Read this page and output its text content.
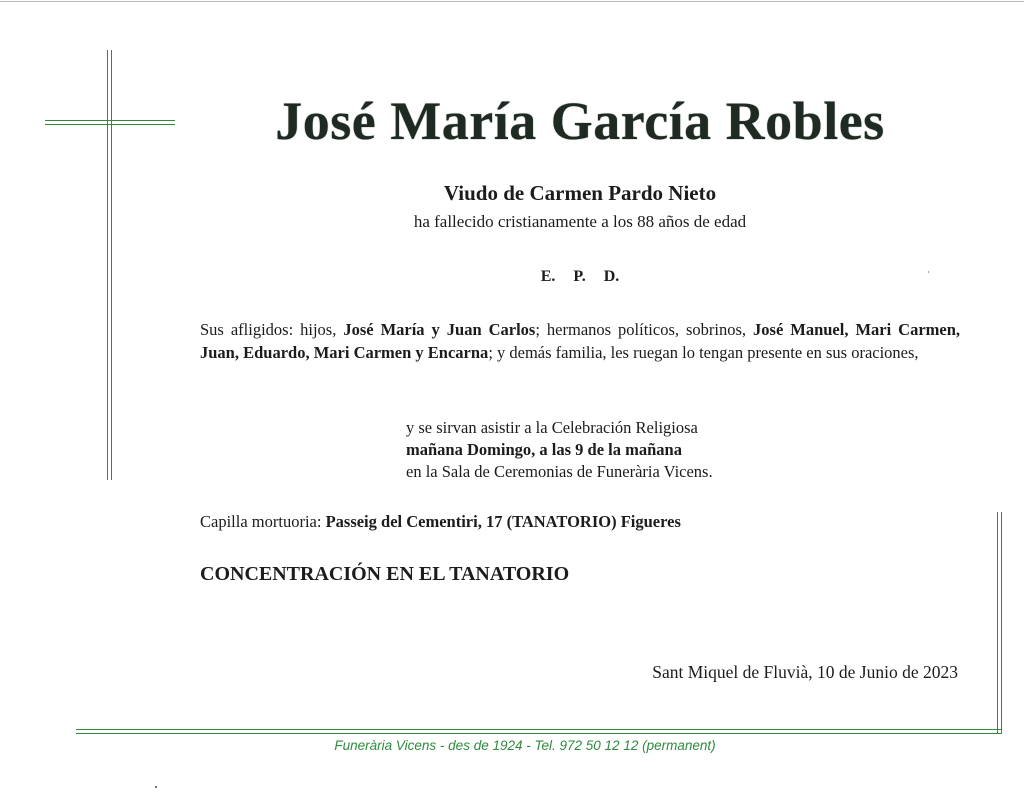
José María García Robles
Viudo de Carmen Pardo Nieto
ha fallecido cristianamente a los 88 años de edad
E. P. D.
Sus afligidos: hijos, José María y Juan Carlos; hermanos políticos, sobrinos, José Manuel, Mari Carmen, Juan, Eduardo, Mari Carmen y Encarna; y demás familia, les ruegan lo tengan presente en sus oraciones,
y se sirvan asistir a la Celebración Religiosa
mañana Domingo, a las 9 de la mañana
en la Sala de Ceremonias de Funerària Vicens.
Capilla mortuoria: Passeig del Cementiri, 17 (TANATORIO) Figueres
CONCENTRACIÓN EN EL TANATORIO
Sant Miquel de Fluvià, 10 de Junio de 2023
Funerària Vicens - des de 1924 - Tel. 972 50 12 12 (permanent)
